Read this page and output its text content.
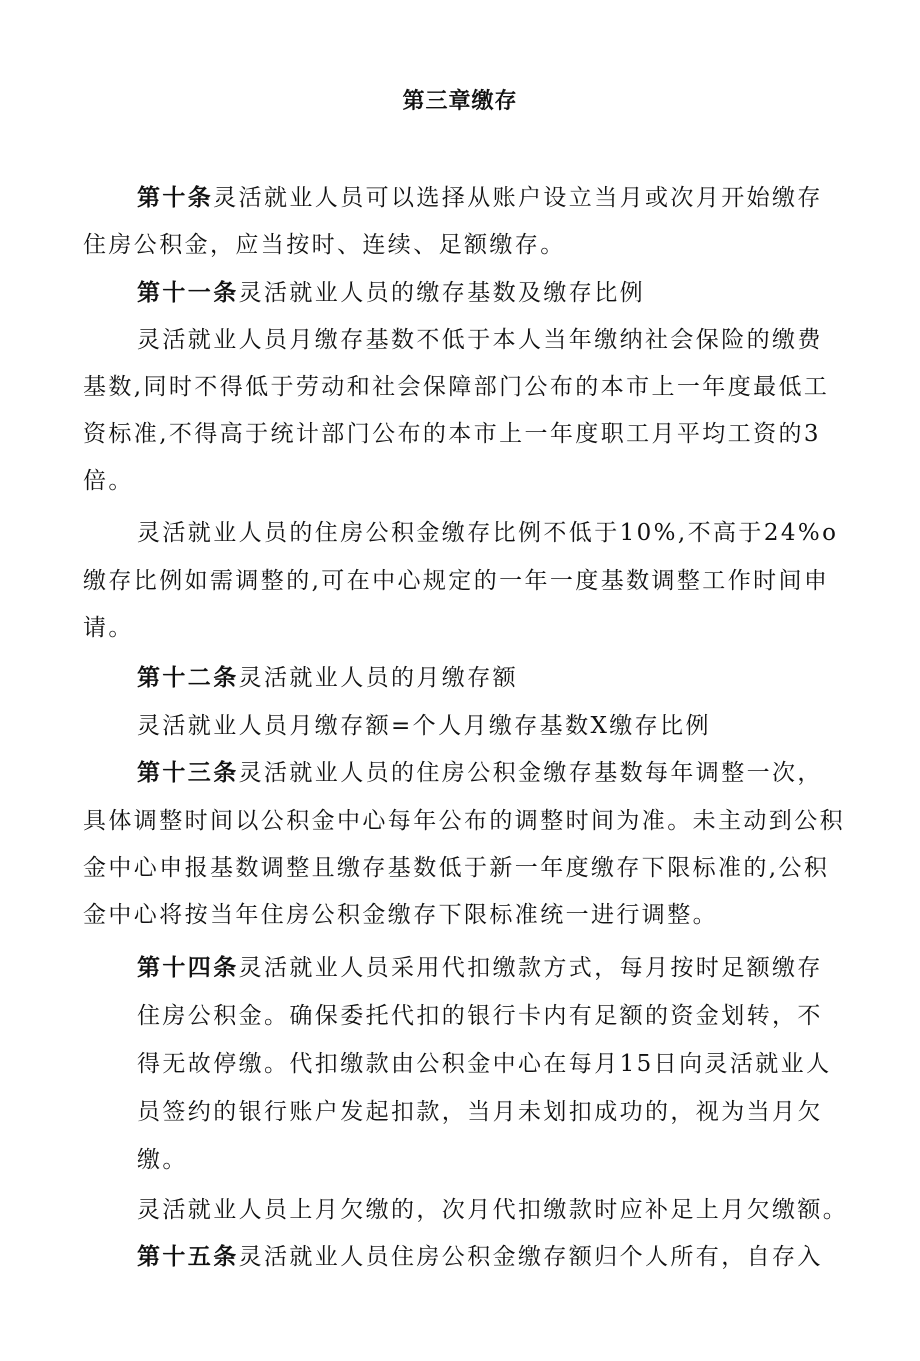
第三章缴存
第十条灵活就业人员可以选择从账户设立当月或次月开始缴存
住房公积金，应当按时、连续、足额缴存。
第十一条灵活就业人员的缴存基数及缴存比例
灵活就业人员月缴存基数不低于本人当年缴纳社会保险的缴费
基数,同时不得低于劳动和社会保障部门公布的本市上一年度最低工
资标准,不得高于统计部门公布的本市上一年度职工月平均工资的3
倍。
灵活就业人员的住房公积金缴存比例不低于10%,不高于24%o
缴存比例如需调整的,可在中心规定的一年一度基数调整工作时间申
请。
第十二条灵活就业人员的月缴存额
灵活就业人员月缴存额=个人月缴存基数X缴存比例
第十三条灵活就业人员的住房公积金缴存基数每年调整一次，
具体调整时间以公积金中心每年公布的调整时间为准。未主动到公积
金中心申报基数调整且缴存基数低于新一年度缴存下限标准的,公积
金中心将按当年住房公积金缴存下限标准统一进行调整。
第十四条灵活就业人员采用代扣缴款方式，每月按时足额缴存
住房公积金。确保委托代扣的银行卡内有足额的资金划转，不
得无故停缴。代扣缴款由公积金中心在每月15日向灵活就业人
员签约的银行账户发起扣款，当月未划扣成功的，视为当月欠
缴。
灵活就业人员上月欠缴的，次月代扣缴款时应补足上月欠缴额。
第十五条灵活就业人员住房公积金缴存额归个人所有，自存入
